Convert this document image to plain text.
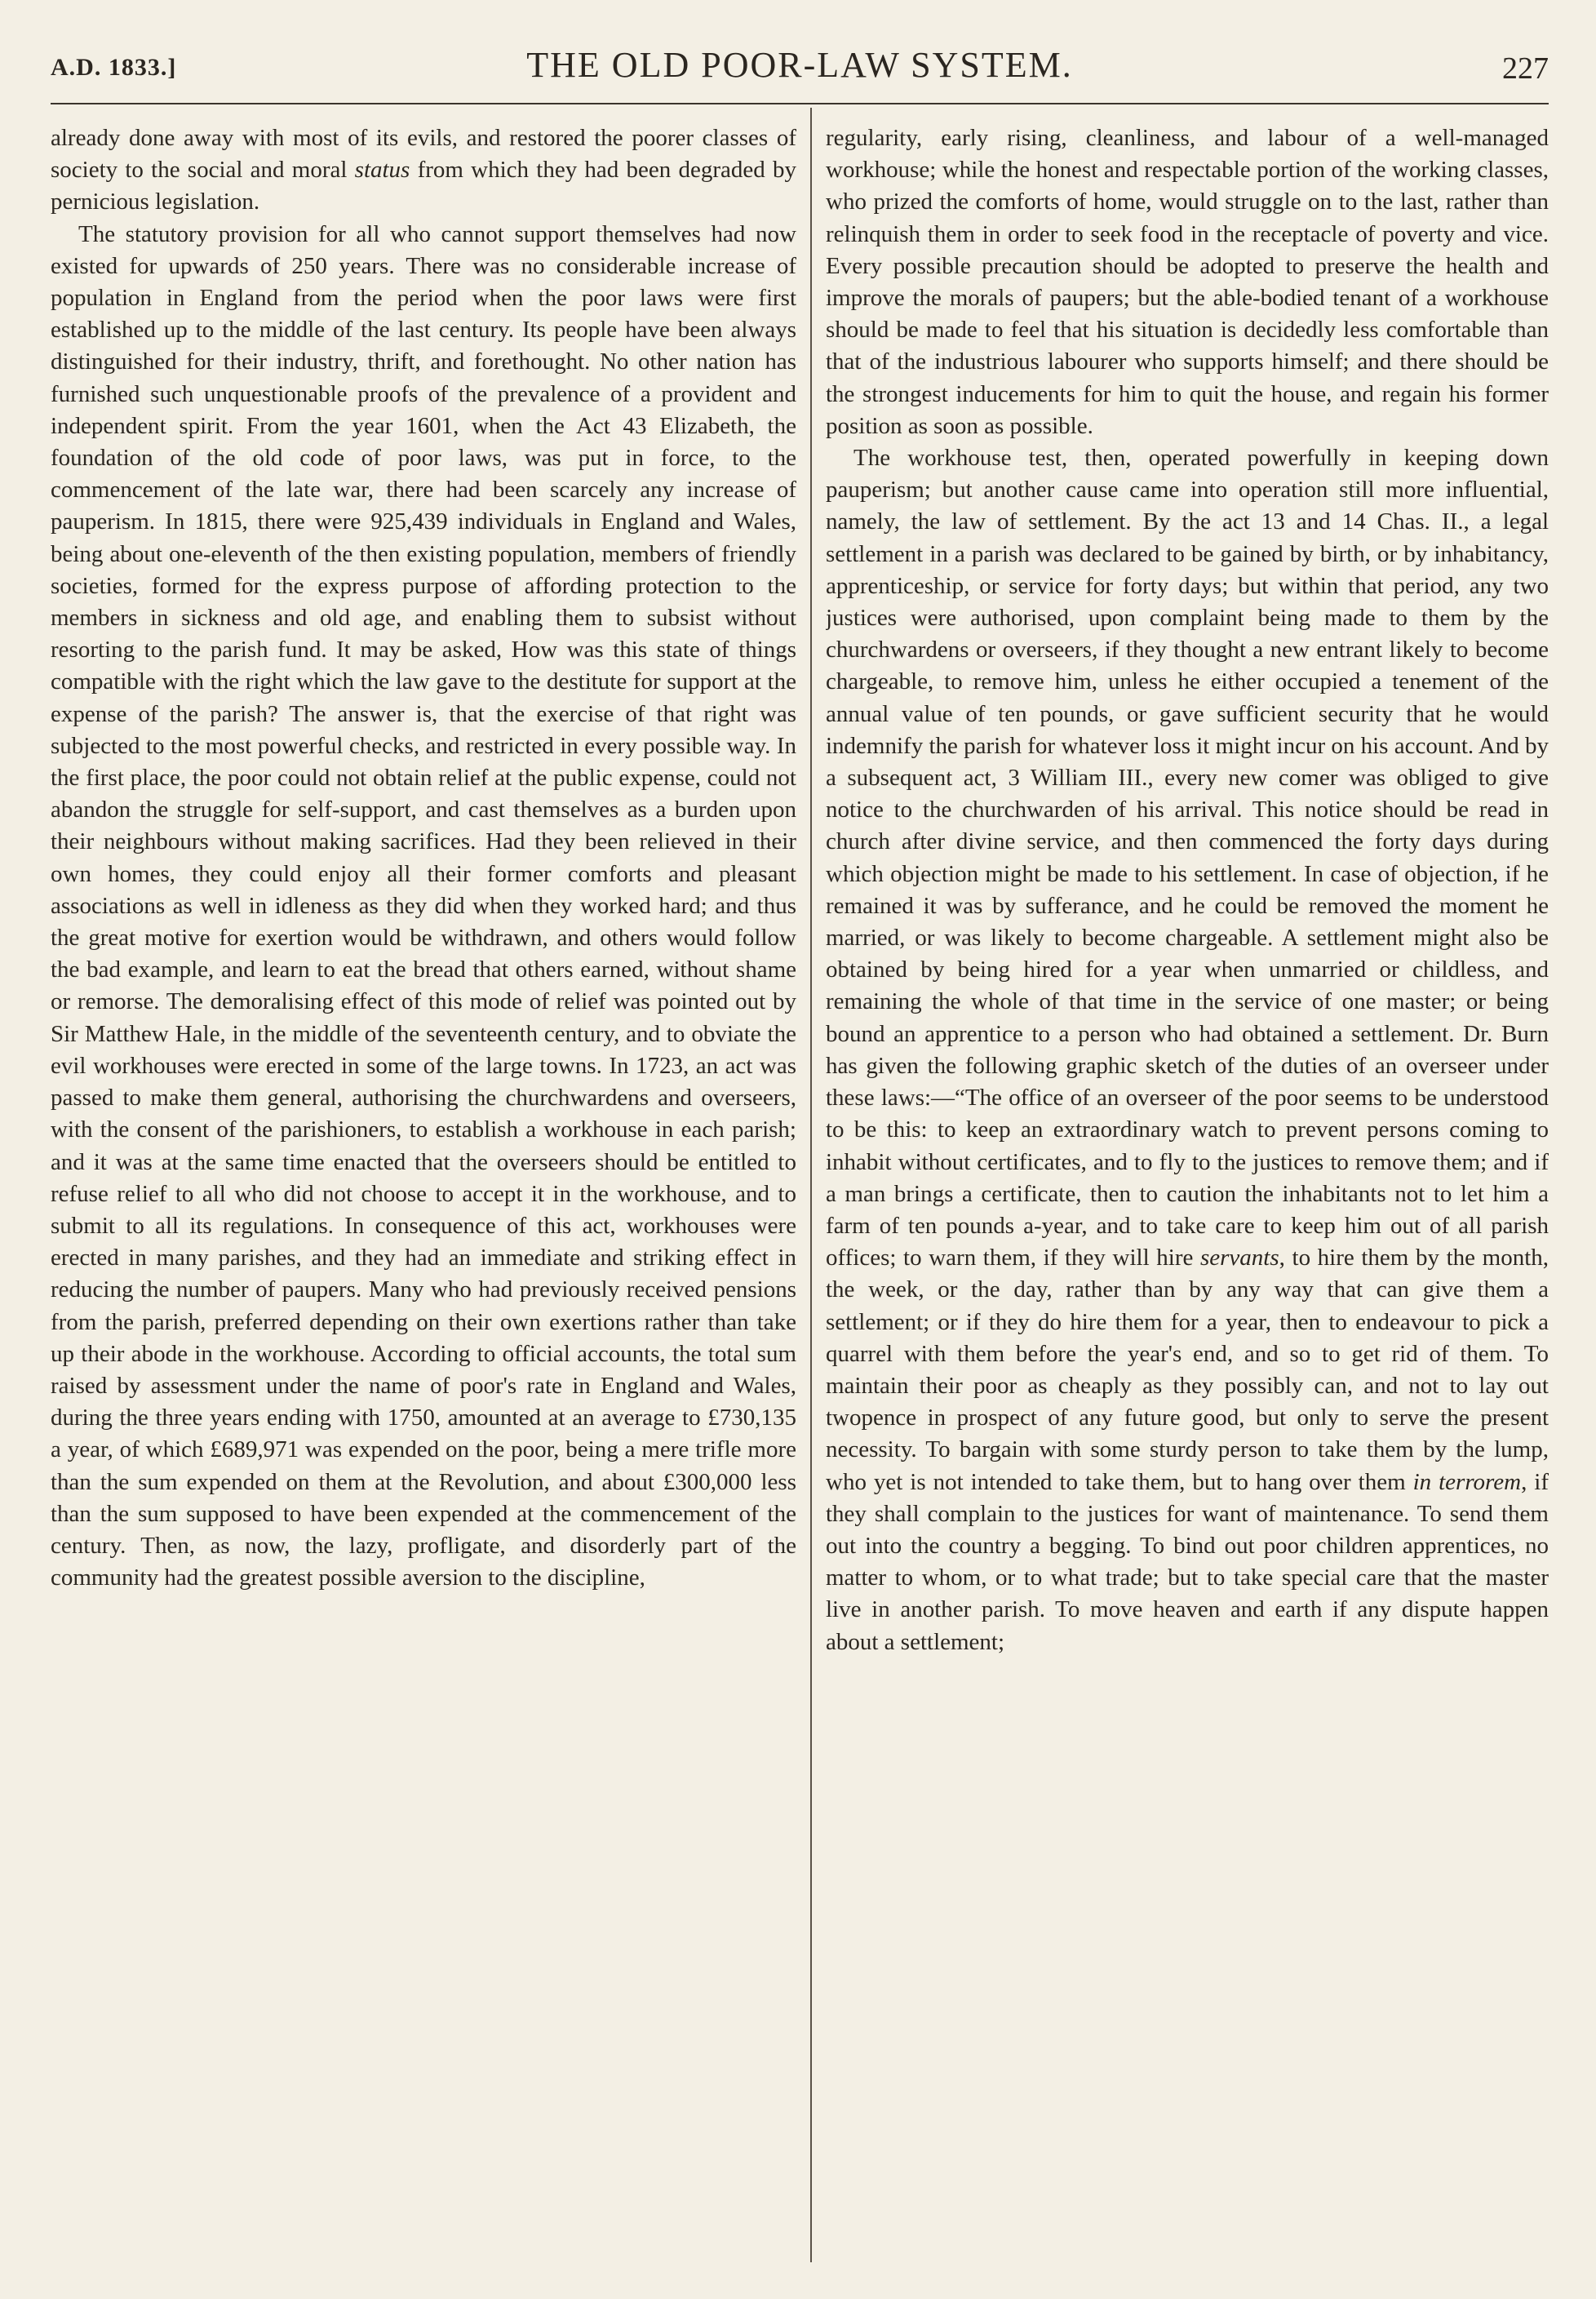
A.D. 1833.]	THE OLD POOR-LAW SYSTEM.	227

already done away with most of its evils, and restored the poorer classes of society to the social and moral status from which they had been degraded by pernicious legislation.

The statutory provision for all who cannot support themselves had now existed for upwards of 250 years. There was no considerable increase of population in England from the period when the poor laws were first established up to the middle of the last century. Its people have been always distinguished for their industry, thrift, and forethought. No other nation has furnished such unquestionable proofs of the prevalence of a provident and independent spirit. From the year 1601, when the Act 43 Elizabeth, the foundation of the old code of poor laws, was put in force, to the commencement of the late war, there had been scarcely any increase of pauperism. In 1815, there were 925,439 individuals in England and Wales, being about one-eleventh of the then existing population, members of friendly societies, formed for the express purpose of affording protection to the members in sickness and old age, and enabling them to subsist without resorting to the parish fund. It may be asked, How was this state of things compatible with the right which the law gave to the destitute for support at the expense of the parish? The answer is, that the exercise of that right was subjected to the most powerful checks, and restricted in every possible way. In the first place, the poor could not obtain relief at the public expense, could not abandon the struggle for self-support, and cast themselves as a burden upon their neighbours without making sacrifices. Had they been relieved in their own homes, they could enjoy all their former comforts and pleasant associations as well in idleness as they did when they worked hard; and thus the great motive for exertion would be withdrawn, and others would follow the bad example, and learn to eat the bread that others earned, without shame or remorse. The demoralising effect of this mode of relief was pointed out by Sir Matthew Hale, in the middle of the seventeenth century, and to obviate the evil workhouses were erected in some of the large towns. In 1723, an act was passed to make them general, authorising the churchwardens and overseers, with the consent of the parishioners, to establish a workhouse in each parish; and it was at the same time enacted that the overseers should be entitled to refuse relief to all who did not choose to accept it in the workhouse, and to submit to all its regulations. In consequence of this act, workhouses were erected in many parishes, and they had an immediate and striking effect in reducing the number of paupers. Many who had previously received pensions from the parish, preferred depending on their own exertions rather than take up their abode in the workhouse. According to official accounts, the total sum raised by assessment under the name of poor's rate in England and Wales, during the three years ending with 1750, amounted at an average to £730,135 a year, of which £689,971 was expended on the poor, being a mere trifle more than the sum expended on them at the Revolution, and about £300,000 less than the sum supposed to have been expended at the commencement of the century. Then, as now, the lazy, profligate, and disorderly part of the community had the greatest possible aversion to the discipline,

regularity, early rising, cleanliness, and labour of a well-managed workhouse; while the honest and respectable portion of the working classes, who prized the comforts of home, would struggle on to the last, rather than relinquish them in order to seek food in the receptacle of poverty and vice. Every possible precaution should be adopted to preserve the health and improve the morals of paupers; but the able-bodied tenant of a workhouse should be made to feel that his situation is decidedly less comfortable than that of the industrious labourer who supports himself; and there should be the strongest inducements for him to quit the house, and regain his former position as soon as possible.

The workhouse test, then, operated powerfully in keeping down pauperism; but another cause came into operation still more influential, namely, the law of settlement. By the act 13 and 14 Chas. II., a legal settlement in a parish was declared to be gained by birth, or by inhabitancy, apprenticeship, or service for forty days; but within that period, any two justices were authorised, upon complaint being made to them by the churchwardens or overseers, if they thought a new entrant likely to become chargeable, to remove him, unless he either occupied a tenement of the annual value of ten pounds, or gave sufficient security that he would indemnify the parish for whatever loss it might incur on his account. And by a subsequent act, 3 William III., every new comer was obliged to give notice to the churchwarden of his arrival. This notice should be read in church after divine service, and then commenced the forty days during which objection might be made to his settlement. In case of objection, if he remained it was by sufferance, and he could be removed the moment he married, or was likely to become chargeable. A settlement might also be obtained by being hired for a year when unmarried or childless, and remaining the whole of that time in the service of one master; or being bound an apprentice to a person who had obtained a settlement. Dr. Burn has given the following graphic sketch of the duties of an overseer under these laws:—“The office of an overseer of the poor seems to be understood to be this: to keep an extraordinary watch to prevent persons coming to inhabit without certificates, and to fly to the justices to remove them; and if a man brings a certificate, then to caution the inhabitants not to let him a farm of ten pounds a-year, and to take care to keep him out of all parish offices; to warn them, if they will hire servants, to hire them by the month, the week, or the day, rather than by any way that can give them a settlement; or if they do hire them for a year, then to endeavour to pick a quarrel with them before the year's end, and so to get rid of them. To maintain their poor as cheaply as they possibly can, and not to lay out twopence in prospect of any future good, but only to serve the present necessity. To bargain with some sturdy person to take them by the lump, who yet is not intended to take them, but to hang over them in terrorem, if they shall complain to the justices for want of maintenance. To send them out into the country a begging. To bind out poor children apprentices, no matter to whom, or to what trade; but to take special care that the master live in another parish. To move heaven and earth if any dispute happen about a settlement;
